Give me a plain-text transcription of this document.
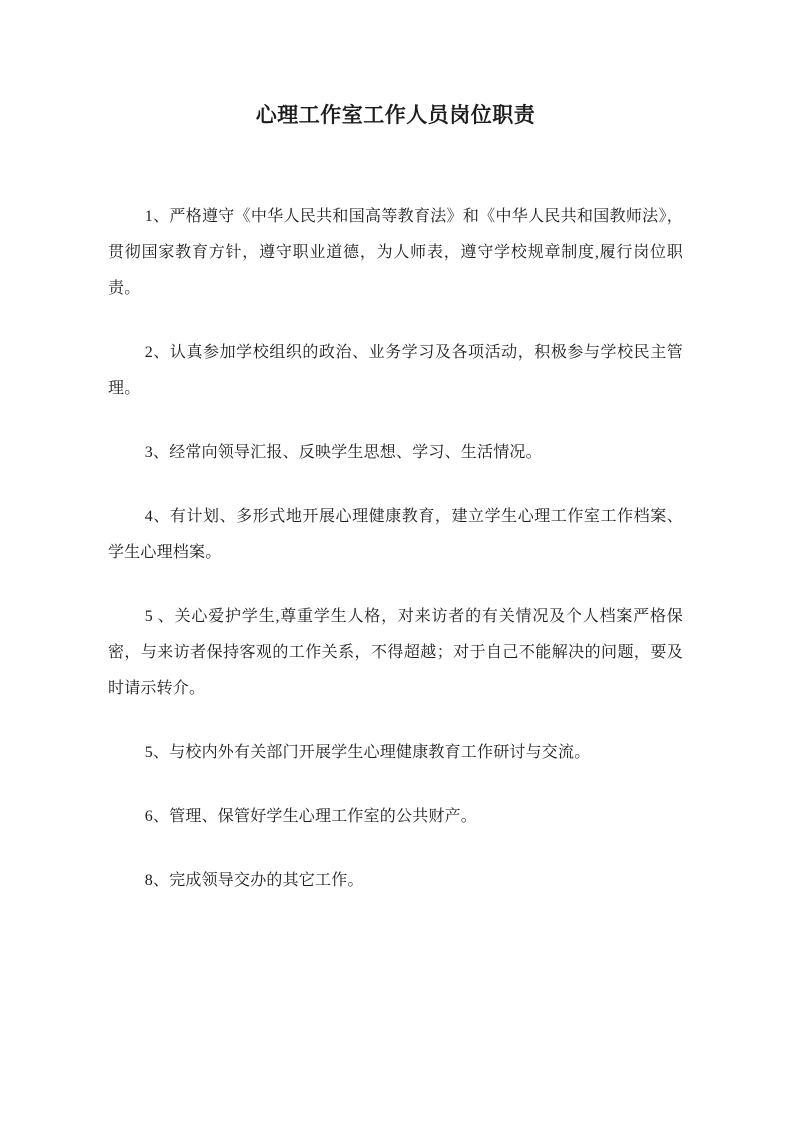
心理工作室工作人员岗位职责

1、严格遵守《中华人民共和国高等教育法》和《中华人民共和国教师法》，贯彻国家教育方针，遵守职业道德，为人师表，遵守学校规章制度,履行岗位职责。

2、认真参加学校组织的政治、业务学习及各项活动，积极参与学校民主管理。

3、经常向领导汇报、反映学生思想、学习、生活情况。

4、有计划、多形式地开展心理健康教育，建立学生心理工作室工作档案、学生心理档案。

5 、关心爱护学生,尊重学生人格，对来访者的有关情况及个人档案严格保密，与来访者保持客观的工作关系，不得超越；对于自己不能解决的问题，要及时请示转介。

5、与校内外有关部门开展学生心理健康教育工作研讨与交流。

6、管理、保管好学生心理工作室的公共财产。

8、完成领导交办的其它工作。
